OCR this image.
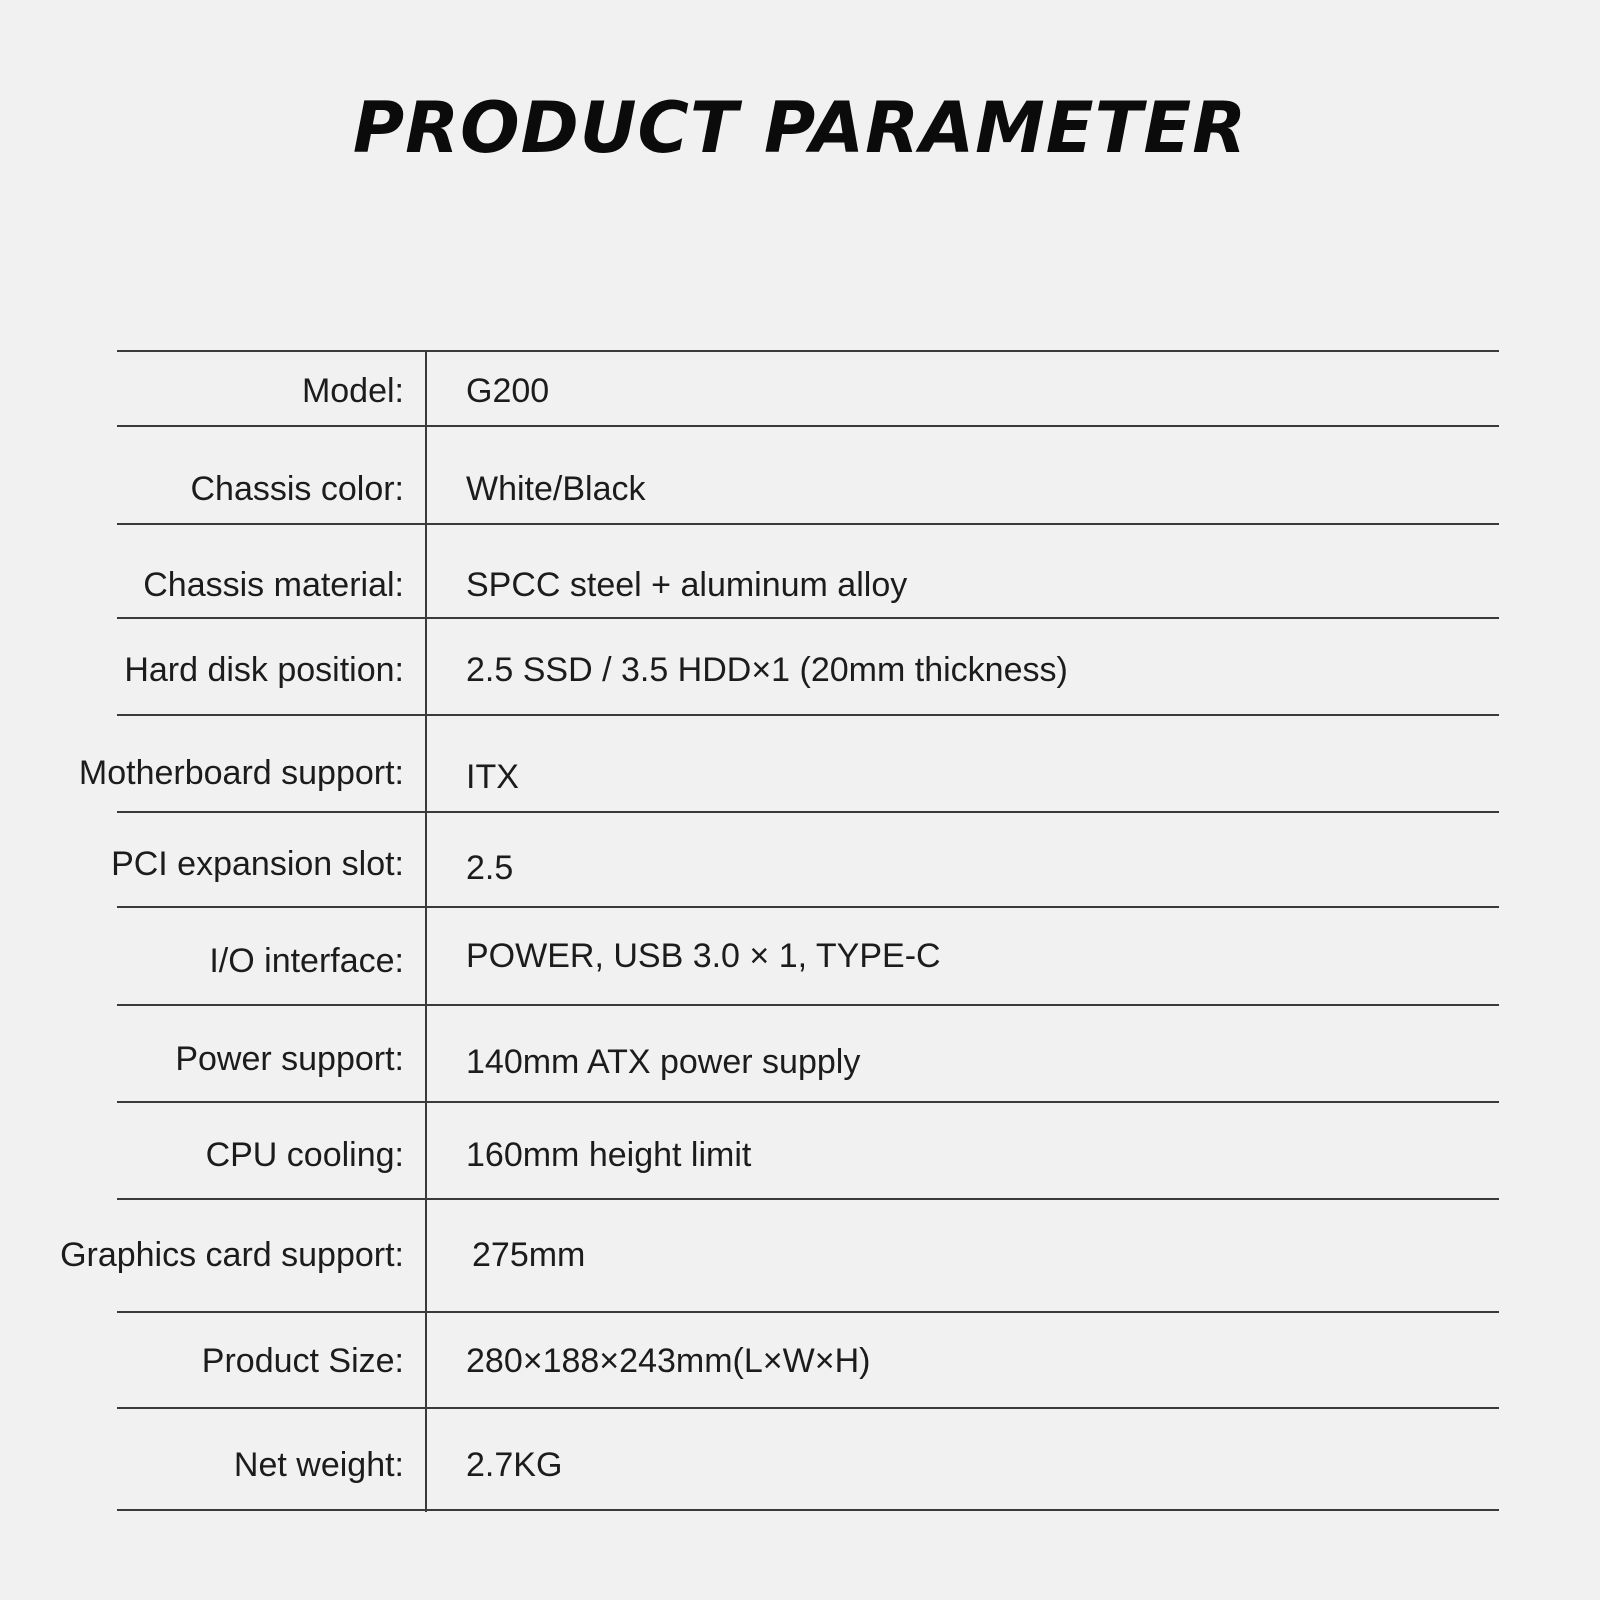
PRODUCT PARAMETER
Model: G200
Chassis color: White/Black
Chassis material: SPCC steel + aluminum alloy
Hard disk position: 2.5 SSD / 3.5 HDD×1 (20mm thickness)
Motherboard support: ITX
PCI expansion slot: 2.5
I/O interface: POWER, USB 3.0 × 1, TYPE-C
Power support: 140mm ATX power supply
CPU cooling: 160mm height limit
Graphics card support: 275mm
Product Size: 280×188×243mm(L×W×H)
Net weight: 2.7KG
